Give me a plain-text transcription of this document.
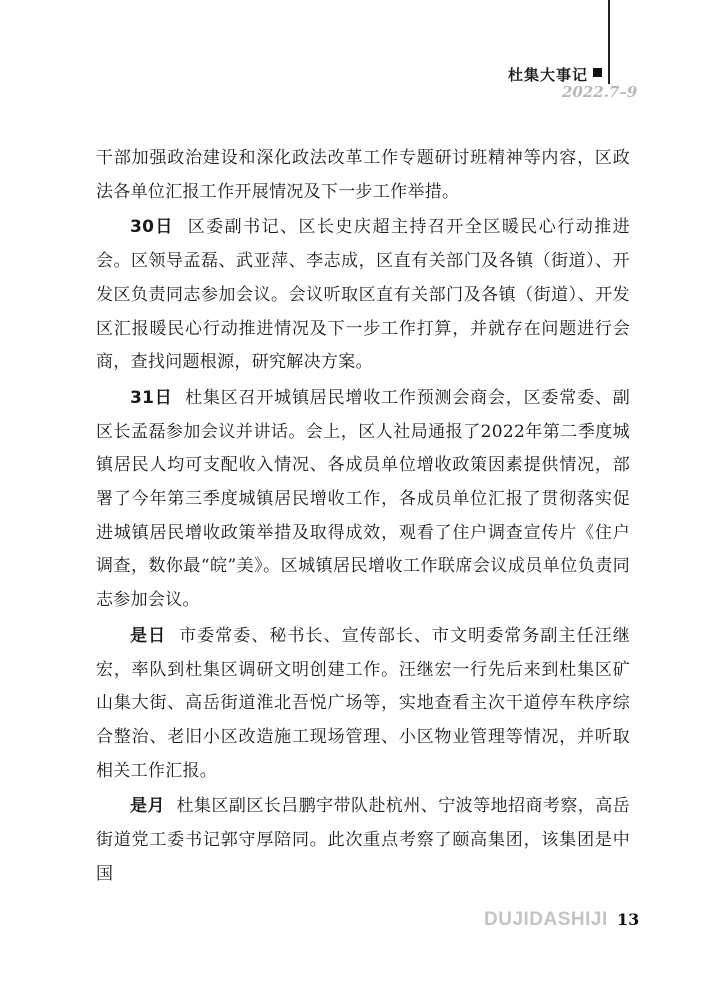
杜集大事记
2022.7–9

干部加强政治建设和深化政法改革工作专题研讨班精神等内容，区政法各单位汇报工作开展情况及下一步工作举措。

30日 区委副书记、区长史庆超主持召开全区暖民心行动推进会。区领导孟磊、武亚萍、李志成，区直有关部门及各镇（街道）、开发区负责同志参加会议。会议听取区直有关部门及各镇（街道）、开发区汇报暖民心行动推进情况及下一步工作打算，并就存在问题进行会商，查找问题根源，研究解决方案。

31日 杜集区召开城镇居民增收工作预测会商会，区委常委、副区长孟磊参加会议并讲话。会上，区人社局通报了2022年第二季度城镇居民人均可支配收入情况、各成员单位增收政策因素提供情况，部署了今年第三季度城镇居民增收工作，各成员单位汇报了贯彻落实促进城镇居民增收政策举措及取得成效，观看了住户调查宣传片《住户调查，数你最“皖”美》。区城镇居民增收工作联席会议成员单位负责同志参加会议。

是日 市委常委、秘书长、宣传部长、市文明委常务副主任汪继宏，率队到杜集区调研文明创建工作。汪继宏一行先后来到杜集区矿山集大街、高岳街道淮北吾悦广场等，实地查看主次干道停车秩序综合整治、老旧小区改造施工现场管理、小区物业管理等情况，并听取相关工作汇报。

是月 杜集区副区长吕鹏宇带队赴杭州、宁波等地招商考察，高岳街道党工委书记郭守厚陪同。此次重点考察了颐高集团，该集团是中国

DUJIDASHIJI 13
